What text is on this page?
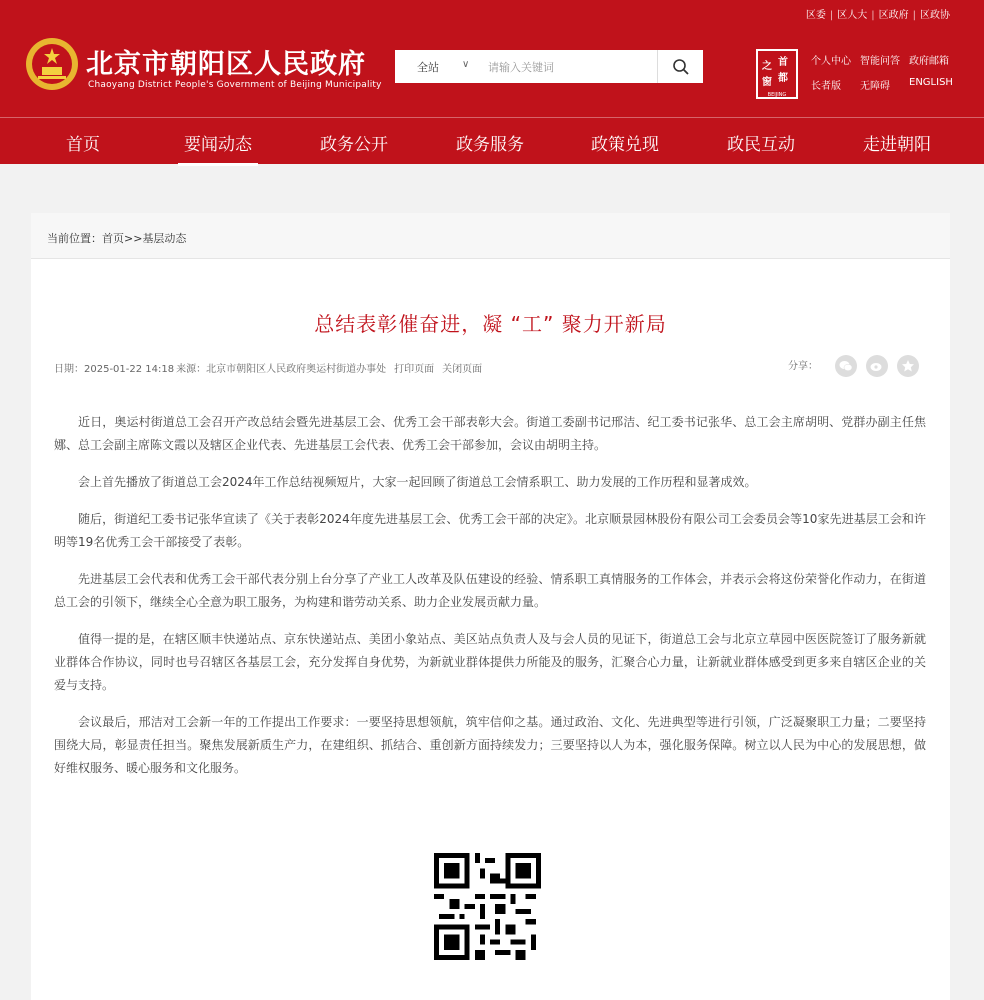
区委 | 区人大 | 区政府 | 区政协
北京市朝阳区人民政府
Chaoyang District People's Government of Beijing Municipality
全站 ∨ 请输入关键词	首
都
之
窗
BEIJING
个人中心
长者版
智能问答
无障碍
政府邮箱
ENGLISH
首页	要闻动态	政务公开	政务服务	政策兑现	政民互动	走进朝阳
当前位置：首页>>基层动态
总结表彰催奋进，凝 “工” 聚力开新局
日期：2025-01-22 14:18 来源：北京市朝阳区人民政府奥运村街道办事处 打印页面 关闭页面	分享：

近日，奥运村街道总工会召开产改总结会暨先进基层工会、优秀工会干部表彰大会。街道工委副书记邢洁、纪工委书记张华、总工会主席胡明、党群办副主任焦娜、总工会副主席陈文霞以及辖区企业代表、先进基层工会代表、优秀工会干部参加，会议由胡明主持。

会上首先播放了街道总工会2024年工作总结视频短片，大家一起回顾了街道总工会情系职工、助力发展的工作历程和显著成效。

随后，街道纪工委书记张华宣读了《关于表彰2024年度先进基层工会、优秀工会干部的决定》。北京顺景园林股份有限公司工会委员会等10家先进基层工会和许明等19名优秀工会干部接受了表彰。

先进基层工会代表和优秀工会干部代表分别上台分享了产业工人改革及队伍建设的经验、情系职工真情服务的工作体会，并表示会将这份荣誉化作动力，在街道总工会的引领下，继续全心全意为职工服务，为构建和谐劳动关系、助力企业发展贡献力量。

值得一提的是，在辖区顺丰快递站点、京东快递站点、美团小象站点、美区站点负责人及与会人员的见证下，街道总工会与北京立草园中医医院签订了服务新就业群体合作协议，同时也号召辖区各基层工会，充分发挥自身优势，为新就业群体提供力所能及的服务，汇聚合心力量，让新就业群体感受到更多来自辖区企业的关爱与支持。

会议最后，邢洁对工会新一年的工作提出工作要求：一要坚持思想领航，筑牢信仰之基。通过政治、文化、先进典型等进行引领，广泛凝聚职工力量；二要坚持围绕大局，彰显责任担当。聚焦发展新质生产力，在建组织、抓结合、重创新方面持续发力；三要坚持以人为本，强化服务保障。树立以人民为中心的发展思想，做好维权服务、暖心服务和文化服务。
